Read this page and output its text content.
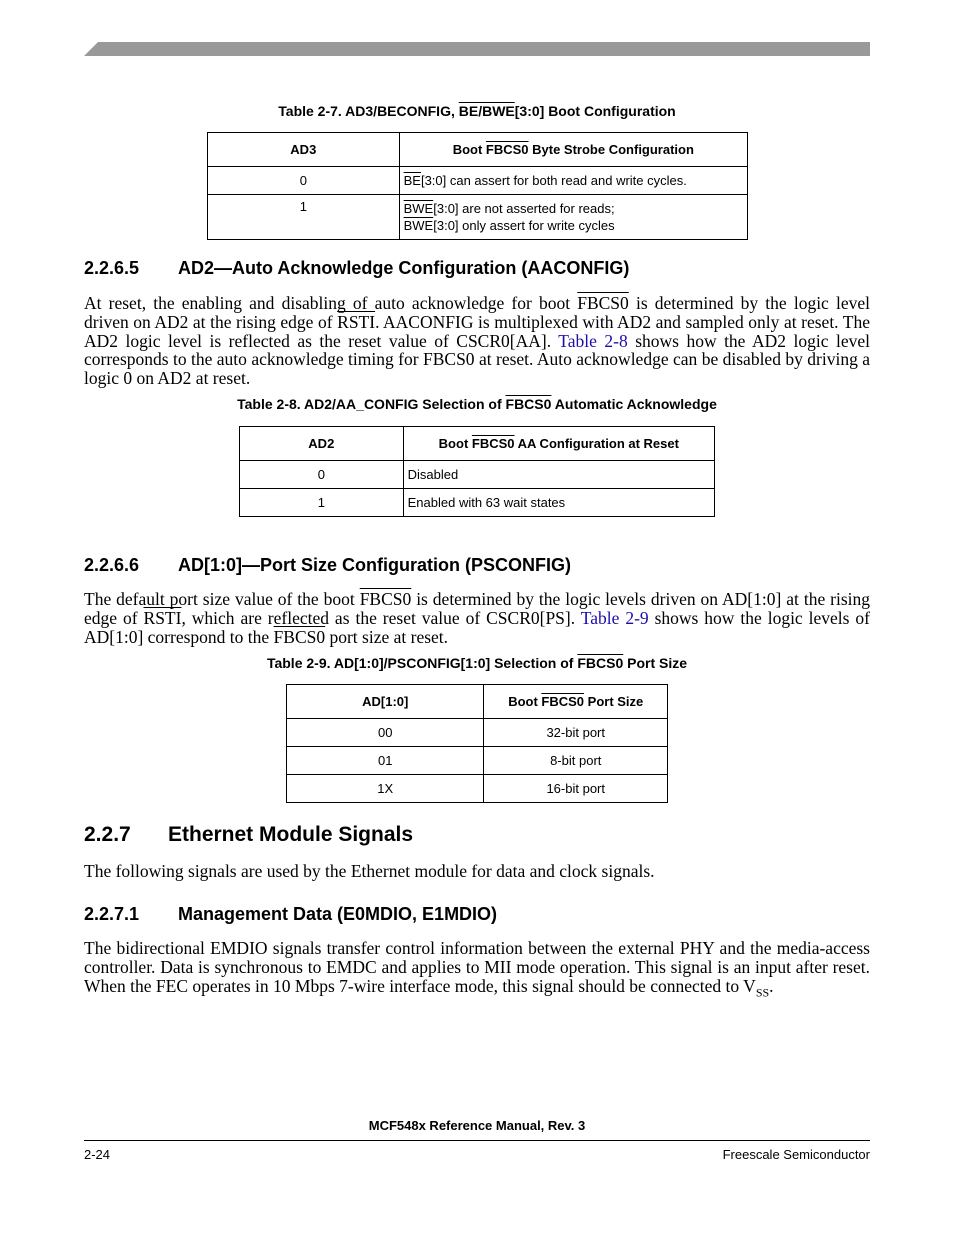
Table 2-7. AD3/BECONFIG, BE/BWE[3:0] Boot Configuration
AD3	Boot FBCS0 Byte Strobe Configuration
0	$\overline{BE}[3:0]$ can assert for both read and write cycles.
1	$\overline{BWE}[3:0]$ are not asserted for reads;
$\overline{BWE}[3:0]$ only assert for write cycles
2.2.6.5 AD2—Auto Acknowledge Configuration (AACONFIG)
At reset, the enabling and disabling of auto acknowledge for boot FBCS0 is determined by the logic level driven on AD2 at the rising edge of RSTI. AACONFIG is multiplexed with AD2 and sampled only at reset. The AD2 logic level is reflected as the reset value of CSCR0[AA]. Table 2-8 shows how the AD2 logic level corresponds to the auto acknowledge timing for FBCS0 at reset. Auto acknowledge can be disabled by driving a logic 0 on AD2 at reset.
Table 2-8. AD2/AA_CONFIG Selection of FBCS0 Automatic Acknowledge
AD2	Boot FBCS0 AA Configuration at Reset
0	Disabled
1	Enabled with 63 wait states
2.2.6.6 AD[1:0]—Port Size Configuration (PSCONFIG)
The default port size value of the boot FBCS0 is determined by the logic levels driven on AD[1:0] at the rising edge of RSTI, which are reflected as the reset value of CSCR0[PS]. Table 2-9 shows how the logic levels of AD[1:0] correspond to the FBCS0 port size at reset.
Table 2-9. AD[1:0]/PSCONFIG[1:0] Selection of FBCS0 Port Size
AD[1:0]	Boot FBCS0 Port Size
00	32-bit port
01	8-bit port
1X	16-bit port
2.2.7 Ethernet Module Signals
The following signals are used by the Ethernet module for data and clock signals.
2.2.7.1 Management Data (E0MDIO, E1MDIO)
The bidirectional EMDIO signals transfer control information between the external PHY and the media-access controller. Data is synchronous to EMDC and applies to MII mode operation. This signal is an input after reset. When the FEC operates in 10 Mbps 7-wire interface mode, this signal should be connected to $V_{SS}$.
MCF548x Reference Manual, Rev. 3
2-24	Freescale Semiconductor
